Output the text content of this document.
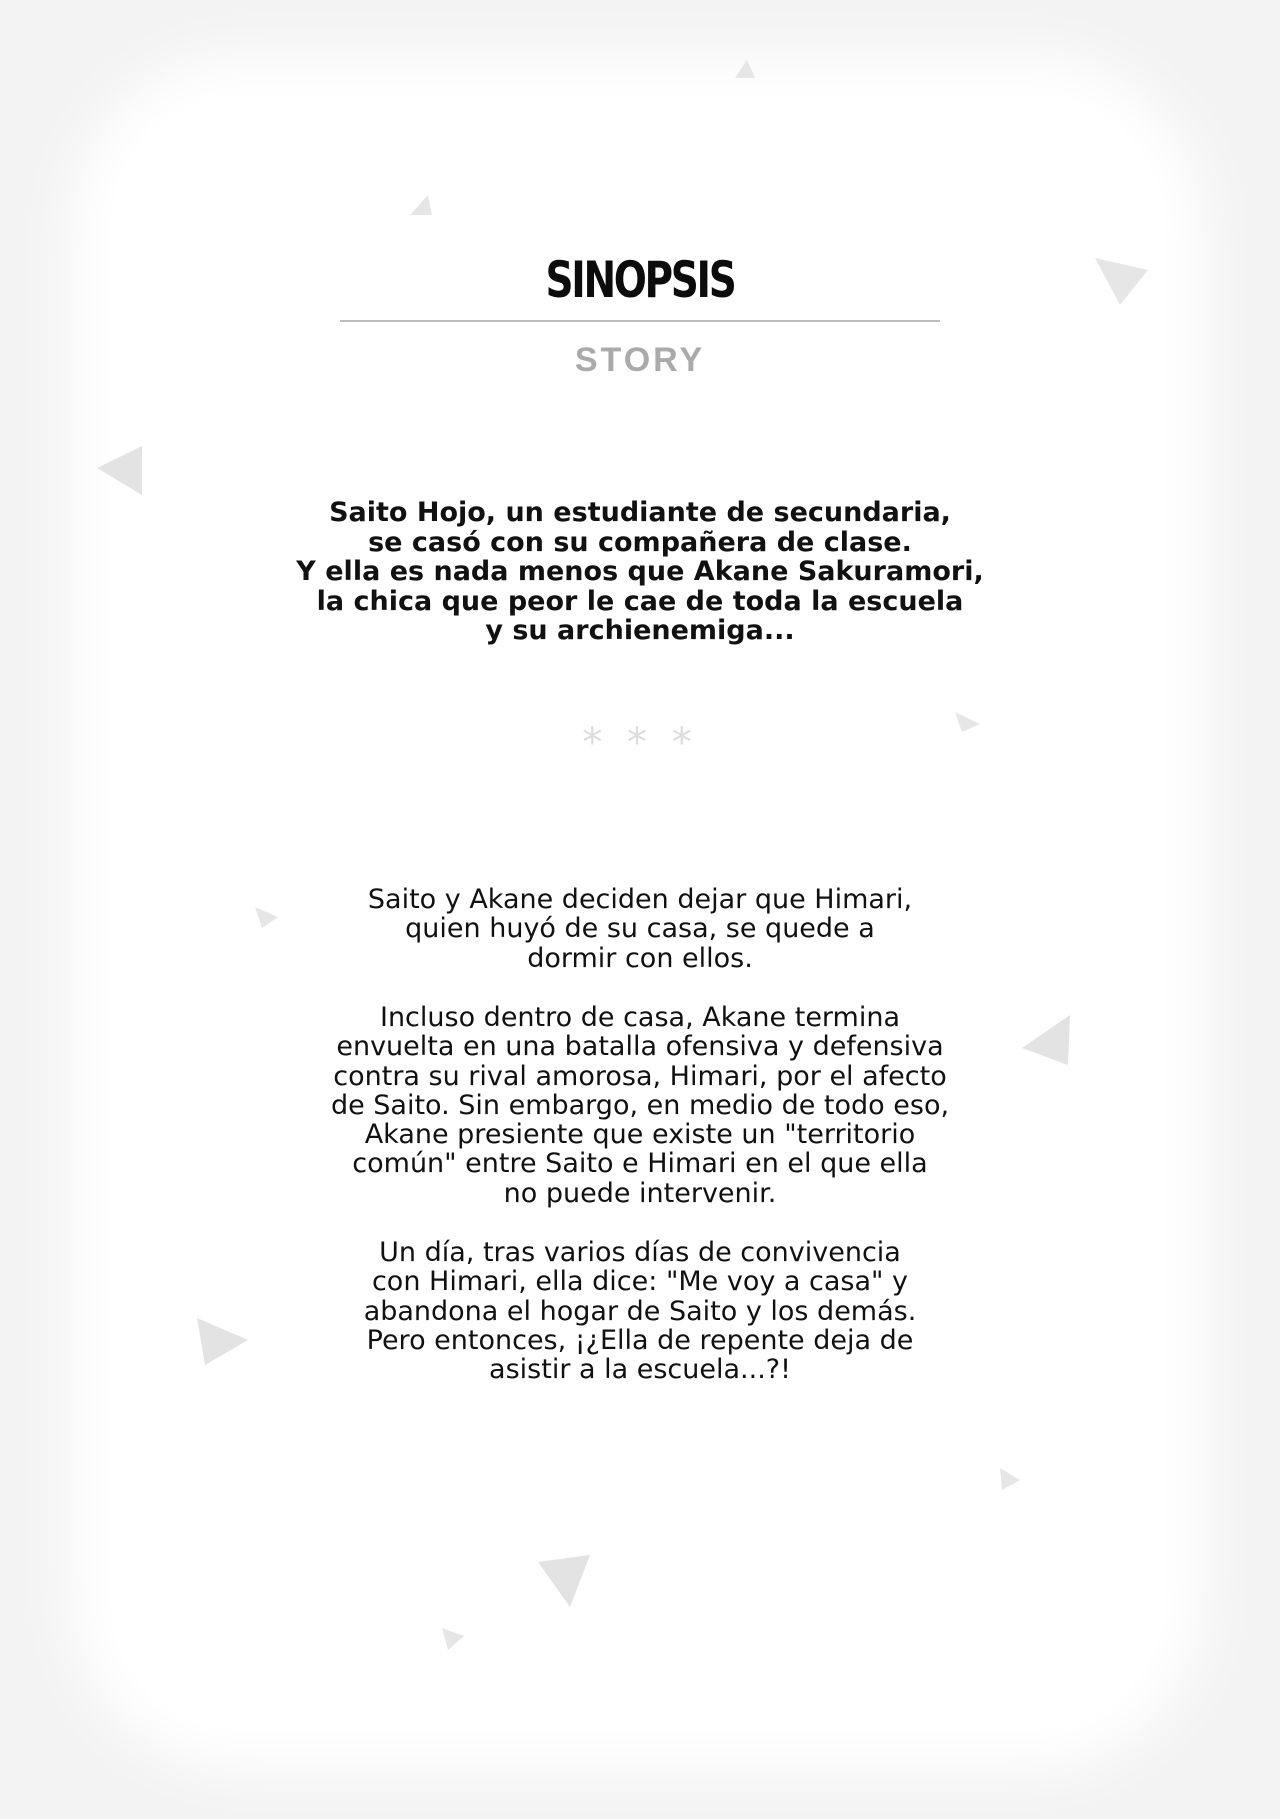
SINOPSIS
STORY
Saito Hojo, un estudiante de secundaria,
se casó con su compañera de clase.
Y ella es nada menos que Akane Sakuramori,
la chica que peor le cae de toda la escuela
y su archienemiga...
* * *
Saito y Akane deciden dejar que Himari,
quien huyó de su casa, se quede a
dormir con ellos.
Incluso dentro de casa, Akane termina
envuelta en una batalla ofensiva y defensiva
contra su rival amorosa, Himari, por el afecto
de Saito. Sin embargo, en medio de todo eso,
Akane presiente que existe un "territorio
común" entre Saito e Himari en el que ella
no puede intervenir.
Un día, tras varios días de convivencia
con Himari, ella dice: "Me voy a casa" y
abandona el hogar de Saito y los demás.
Pero entonces, ¡¿Ella de repente deja de
asistir a la escuela...?!
